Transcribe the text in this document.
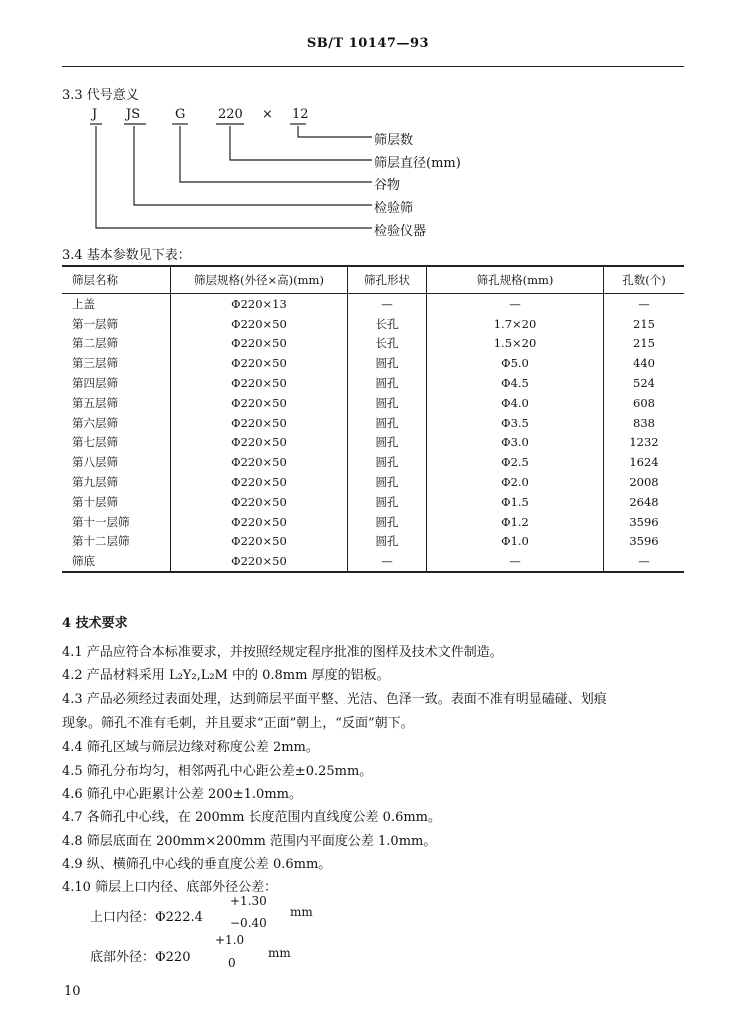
SB/T 10147—93
3.3 代号意义
J JS	G	220 × 12
筛层数
筛层直径(mm)
谷物
检验筛
检验仪器
3.4 基本参数见下表：
筛层名称	筛层规格(外径×高)(mm)	筛孔形状	筛孔规格(mm)	孔数(个)
上盖	Φ220×13	—	—	—
第一层筛	Φ220×50	长孔	1.7×20	215
第二层筛	Φ220×50	长孔	1.5×20	215
第三层筛	Φ220×50	圆孔	Φ5.0	440
第四层筛	Φ220×50	圆孔	Φ4.5	524
第五层筛	Φ220×50	圆孔	Φ4.0	608
第六层筛	Φ220×50	圆孔	Φ3.5	838
第七层筛	Φ220×50	圆孔	Φ3.0	1232
第八层筛	Φ220×50	圆孔	Φ2.5	1624
第九层筛	Φ220×50	圆孔	Φ2.0	2008
第十层筛	Φ220×50	圆孔	Φ1.5	2648
第十一层筛	Φ220×50	圆孔	Φ1.2	3596
第十二层筛	Φ220×50	圆孔	Φ1.0	3596
筛底	Φ220×50	—	—	—
4 技术要求
4.1 产品应符合本标准要求，并按照经规定程序批准的图样及技术文件制造。
4.2 产品材料采用 L₂Y₂,L₂M 中的 0.8mm 厚度的铝板。
4.3 产品必须经过表面处理，达到筛层平面平整、光洁、色泽一致。表面不准有明显磕碰、划痕
现象。筛孔不准有毛刺，并且要求“正面”朝上，“反面”朝下。
4.4 筛孔区域与筛层边缘对称度公差 2mm。
4.5 筛孔分布均匀，相邻两孔中心距公差±0.25mm。
4.6 筛孔中心距累计公差 200±1.0mm。
4.7 各筛孔中心线，在 200mm 长度范围内直线度公差 0.6mm。
4.8 筛层底面在 200mm×200mm 范围内平面度公差 1.0mm。
4.9 纵、横筛孔中心线的垂直度公差 0.6mm。
4.10 筛层上口内径、底部外径公差：
上口内径：Φ222.4
+1.30
−0.40
mm
底部外径：Φ220
+1.0
0
mm
10
